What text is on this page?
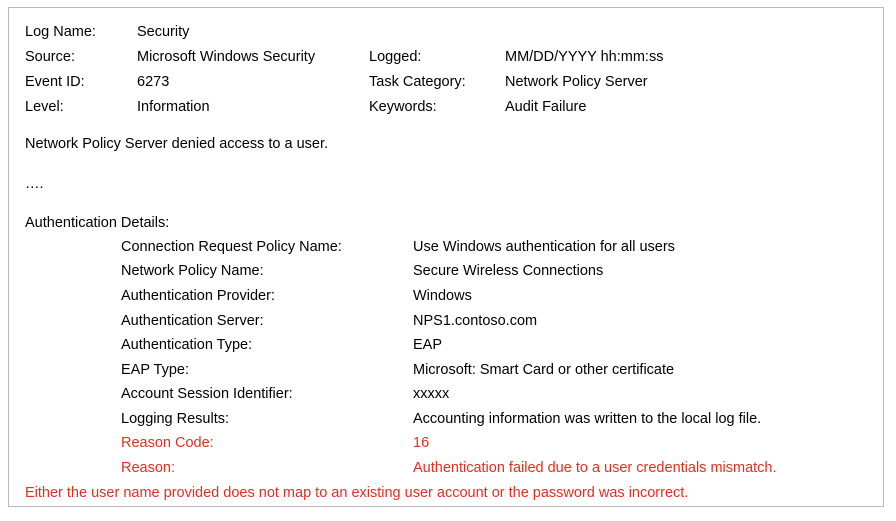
Log Name:	Security
Source:	Microsoft Windows Security	Logged:	MM/DD/YYYY hh:mm:ss
Event ID:	6273	Task Category:	Network Policy Server
Level:	Information	Keywords:	Audit Failure
Network Policy Server denied access to a user.
….
Authentication Details:
Connection Request Policy Name:	Use Windows authentication for all users
Network Policy Name:	Secure Wireless Connections
Authentication Provider:	Windows
Authentication Server:	NPS1.contoso.com
Authentication Type:	EAP
EAP Type:	Microsoft: Smart Card or other certificate
Account Session Identifier:	xxxxx
Logging Results:	Accounting information was written to the local log file.
Reason Code:	16
Reason:	Authentication failed due to a user credentials mismatch.
Either the user name provided does not map to an existing user account or the password was incorrect.
